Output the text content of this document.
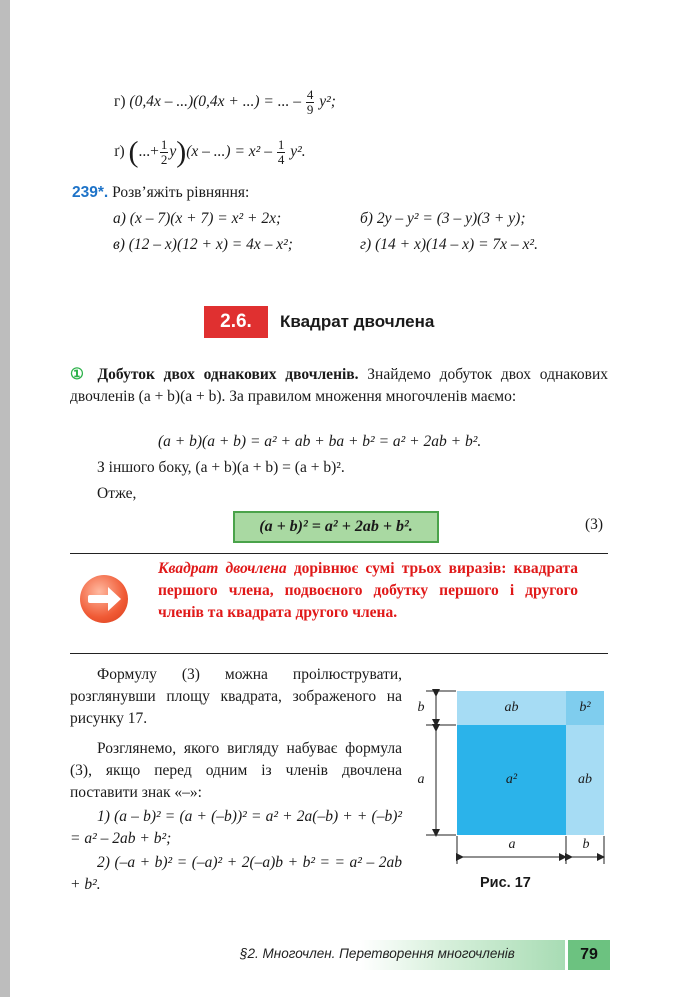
г) (0,4x – ...)(0,4x + ...) = ... – $\frac{4}{9} y^2$;
ґ) (...+ $\frac{1}{2} y)(x$ – ...) = $x^2 - \frac{1}{4} y^2$.
239*. Розв’яжіть рівняння:
а) (x – 7)(x + 7) = x² + 2x;	б) 2y – y² = (3 – y)(3 + y);
в) (12 – x)(12 + x) = 4x – x²;	г) (14 + x)(14 – x) = 7x – x².
2.6.	Квадрат двочлена
① Добуток двох однакових двочленів. Знайдемо добуток двох однакових двочленів (a + b)(a + b). За правилом множення многочленів маємо:
(a + b)(a + b) = a² + ab + ba + b² = a² + 2ab + b².
З іншого боку, (a + b)(a + b) = (a + b)².
Отже,
(a + b)² = a² + 2ab + b².	(3)
Квадрат двочлена дорівнює сумі трьох виразів: квадрата першого члена, подвоєного добутку першого і другого членів та квадрата другого члена.
Формулу (3) можна проілюструвати, розглянувши площу квадрата, зображеного на рисунку 17.
Розглянемо, якого вигляду набуває формула (3), якщо перед одним із членів двочлена поставити знак «–»:
1) (a – b)² = (a + (–b))² = a² + 2a(–b) + + (–b)² = a² – 2ab + b²;
2) (–a + b)² = (–a)² + 2(–a)b + b² = = a² – 2ab + b².
ab	b²
a²	ab
b
a
a	b
Рис. 17
§2. Многочлен. Перетворення многочленів	79
